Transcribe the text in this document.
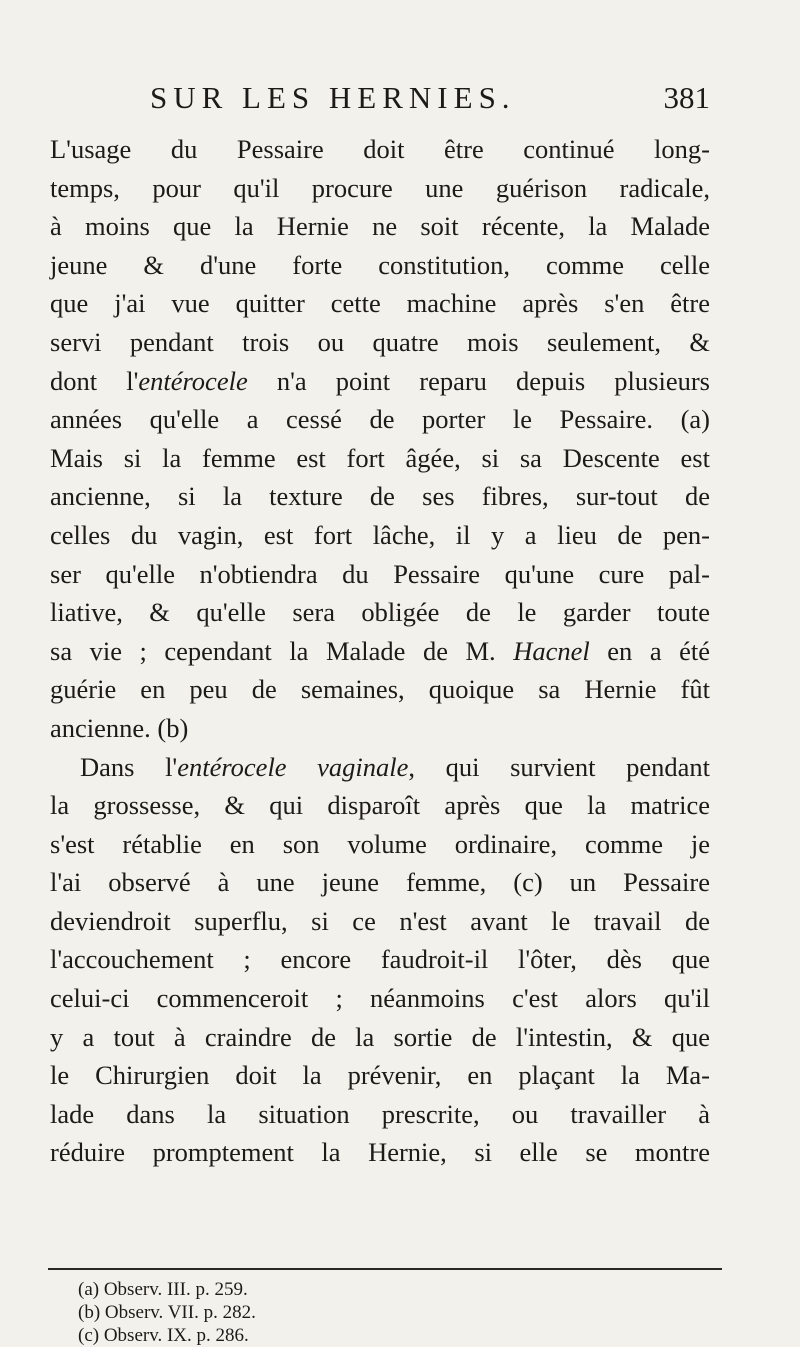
SUR LES HERNIES.	381
L'usage du Pessaire doit être continué long-
temps, pour qu'il procure une guérison radicale,
à moins que la Hernie ne soit récente, la Malade
jeune & d'une forte constitution, comme celle
que j'ai vue quitter cette machine après s'en être
servi pendant trois ou quatre mois seulement, &
dont l'entérocele n'a point reparu depuis plusieurs
années qu'elle a cessé de porter le Pessaire. (a)
Mais si la femme est fort âgée, si sa Descente est
ancienne, si la texture de ses fibres, sur-tout de
celles du vagin, est fort lâche, il y a lieu de pen-
ser qu'elle n'obtiendra du Pessaire qu'une cure pal-
liative, & qu'elle sera obligée de le garder toute
sa vie ; cependant la Malade de M. Hacnel en a été
guérie en peu de semaines, quoique sa Hernie fût
ancienne. (b)
Dans l'entérocele vaginale, qui survient pendant
la grossesse, & qui disparoît après que la matrice
s'est rétablie en son volume ordinaire, comme je
l'ai observé à une jeune femme, (c) un Pessaire
deviendroit superflu, si ce n'est avant le travail de
l'accouchement ; encore faudroit-il l'ôter, dès que
celui-ci commenceroit ; néanmoins c'est alors qu'il
y a tout à craindre de la sortie de l'intestin, & que
le Chirurgien doit la prévenir, en plaçant la Ma-
lade dans la situation prescrite, ou travailler à
réduire promptement la Hernie, si elle se montre
(a) Observ. III. p. 259.
(b) Observ. VII. p. 282.
(c) Observ. IX. p. 286.
